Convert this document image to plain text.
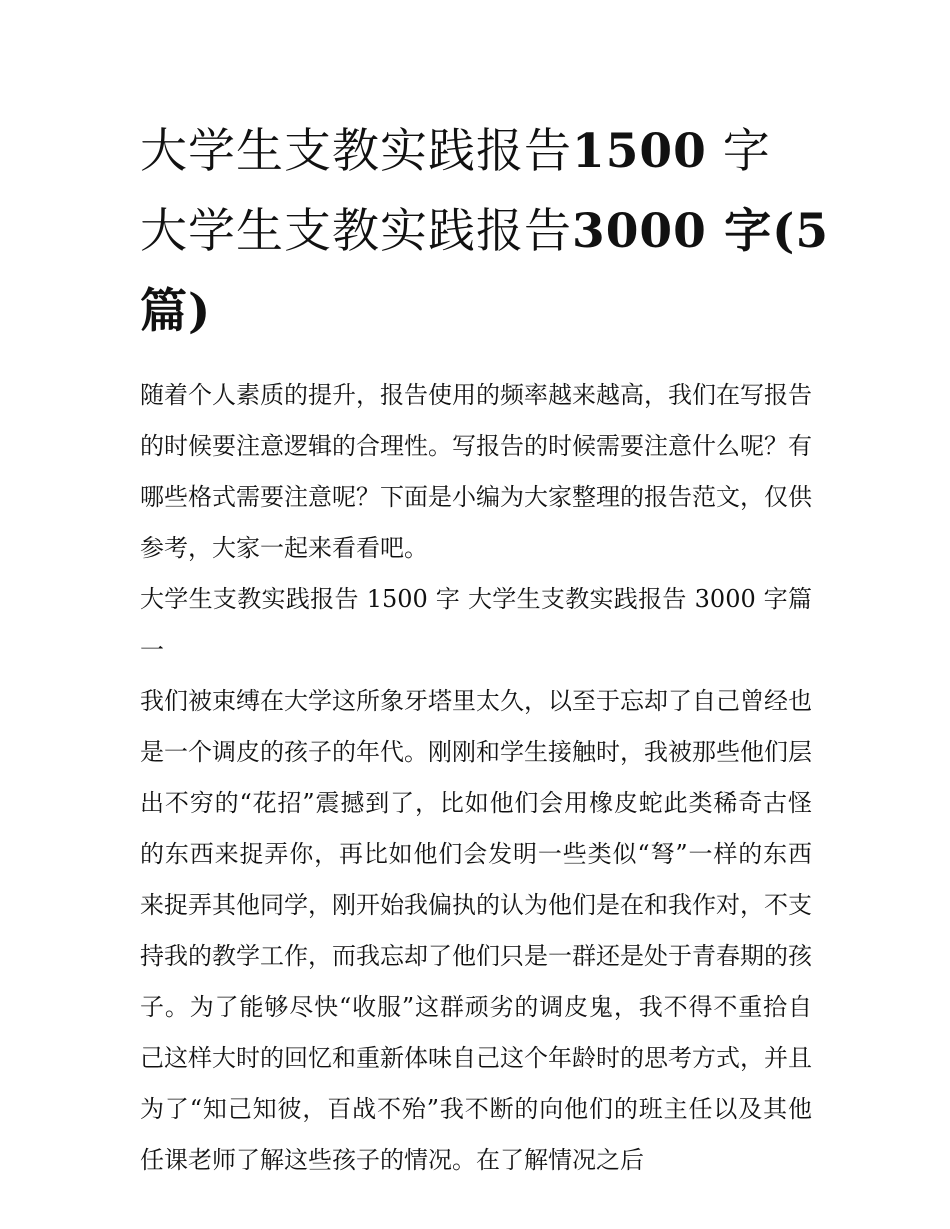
大学生支教实践报告1500 字
大学生支教实践报告3000 字(5
篇)

随着个人素质的提升，报告使用的频率越来越高，我们在写报告的时候要注意逻辑的合理性。写报告的时候需要注意什么呢？有哪些格式需要注意呢？下面是小编为大家整理的报告范文，仅供参考，大家一起来看看吧。

大学生支教实践报告 1500 字 大学生支教实践报告 3000 字篇一

我们被束缚在大学这所象牙塔里太久，以至于忘却了自己曾经也是一个调皮的孩子的年代。刚刚和学生接触时，我被那些他们层出不穷的“花招”震撼到了，比如他们会用橡皮蛇此类稀奇古怪的东西来捉弄你，再比如他们会发明一些类似“弩”一样的东西来捉弄其他同学，刚开始我偏执的认为他们是在和我作对，不支持我的教学工作，而我忘却了他们只是一群还是处于青春期的孩子。为了能够尽快“收服”这群顽劣的调皮鬼，我不得不重拾自己这样大时的回忆和重新体味自己这个年龄时的思考方式，并且为了“知己知彼，百战不殆”我不断的向他们的班主任以及其他任课老师了解这些孩子的情况。在了解情况之后
